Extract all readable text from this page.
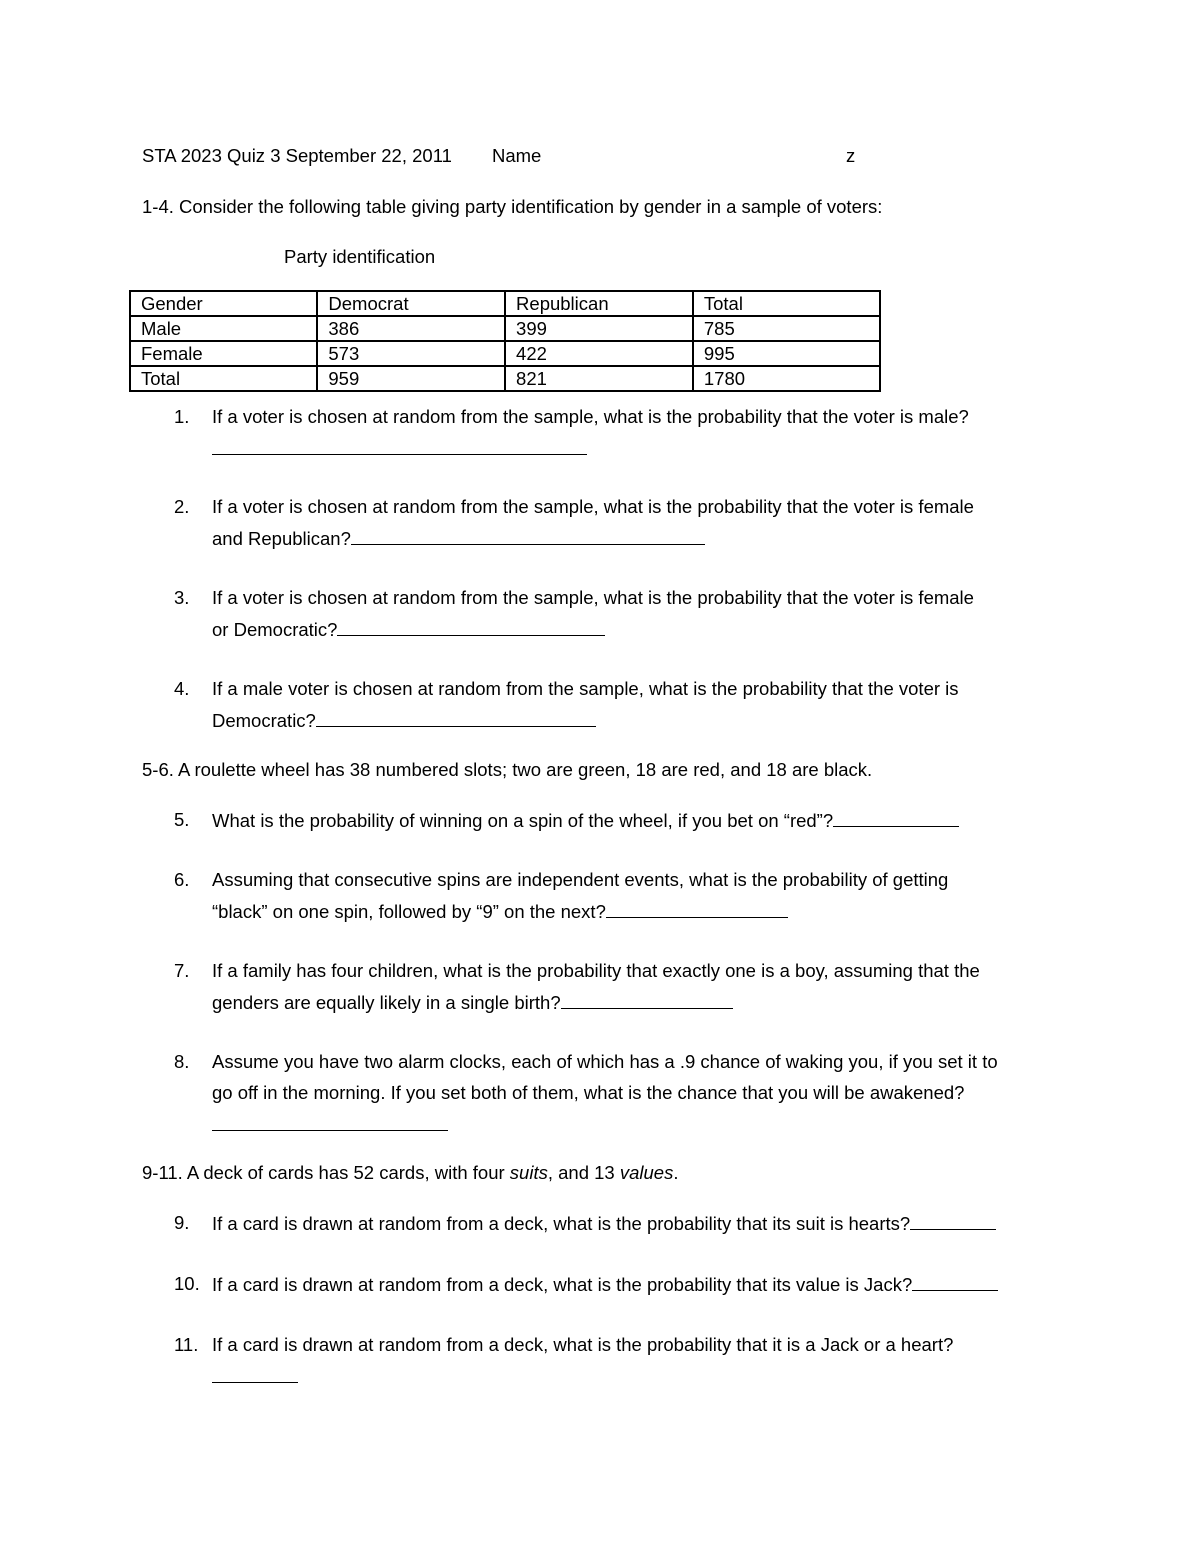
STA 2023 Quiz 3 September 22, 2011 Name	z
1-4. Consider the following table giving party identification by gender in a sample of voters:
Party identification
Gender	Democrat	Republican	Total
Male	386	399	785
Female	573	422	995
Total	959	821	1780
1. If a voter is chosen at random from the sample, what is the probability that the voter is male?
2. If a voter is chosen at random from the sample, what is the probability that the voter is female
and Republican?
3. If a voter is chosen at random from the sample, what is the probability that the voter is female
or Democratic?
4. If a male voter is chosen at random from the sample, what is the probability that the voter is
Democratic?
5-6. A roulette wheel has 38 numbered slots; two are green, 18 are red, and 18 are black.
5. What is the probability of winning on a spin of the wheel, if you bet on “red”?
6. Assuming that consecutive spins are independent events, what is the probability of getting
“black” on one spin, followed by “9” on the next?
7. If a family has four children, what is the probability that exactly one is a boy, assuming that the
genders are equally likely in a single birth?
8. Assume you have two alarm clocks, each of which has a .9 chance of waking you, if you set it to
go off in the morning. If you set both of them, what is the chance that you will be awakened?
9-11. A deck of cards has 52 cards, with four suits, and 13 values.
9. If a card is drawn at random from a deck, what is the probability that its suit is hearts?
10. If a card is drawn at random from a deck, what is the probability that its value is Jack?
11. If a card is drawn at random from a deck, what is the probability that it is a Jack or a heart?
